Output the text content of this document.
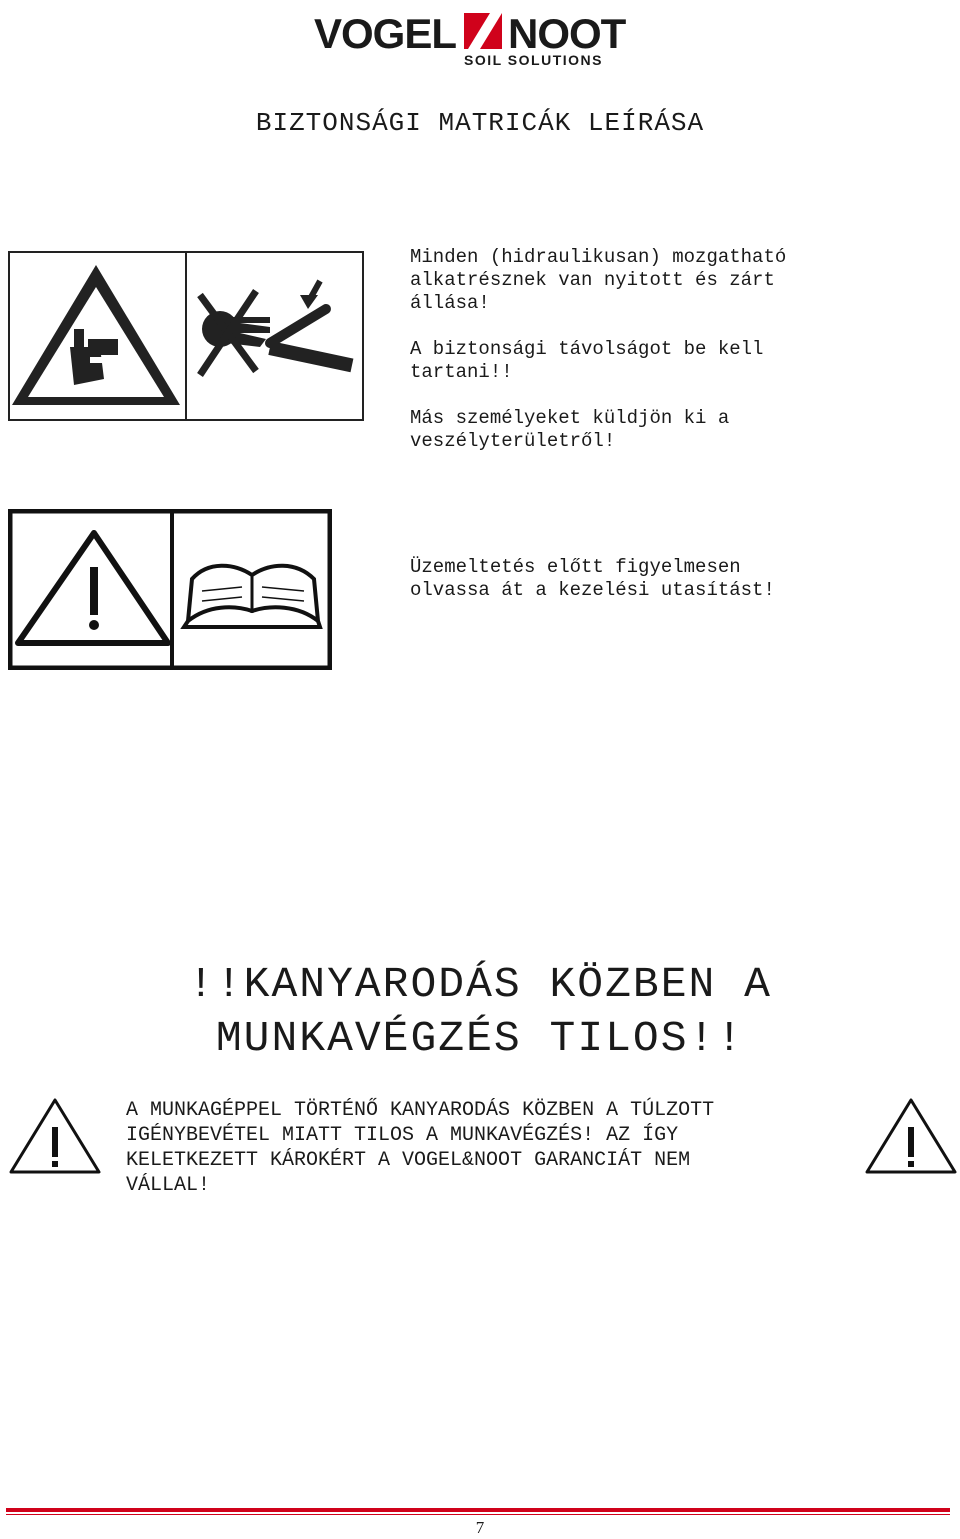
VOGEL NOOT
SOIL SOLUTIONS
BIZTONSÁGI MATRICÁK LEÍRÁSA
Minden (hidraulikusan) mozgatható
alkatrésznek van nyitott és zárt
állása!

A biztonsági távolságot be kell
tartani!!

Más személyeket küldjön ki a
veszélyterületről!
Üzemeltetés előtt figyelmesen
olvassa át a kezelési utasítást!
!!KANYARODÁS KÖZBEN A
MUNKAVÉGZÉS TILOS!!
A MUNKAGÉPPEL TÖRTÉNŐ KANYARODÁS KÖZBEN A TÚLZOTT
IGÉNYBEVÉTEL MIATT TILOS A MUNKAVÉGZÉS! AZ ÍGY
KELETKEZETT KÁROKÉRT A VOGEL&NOOT GARANCIÁT NEM
VÁLLAL!
7
